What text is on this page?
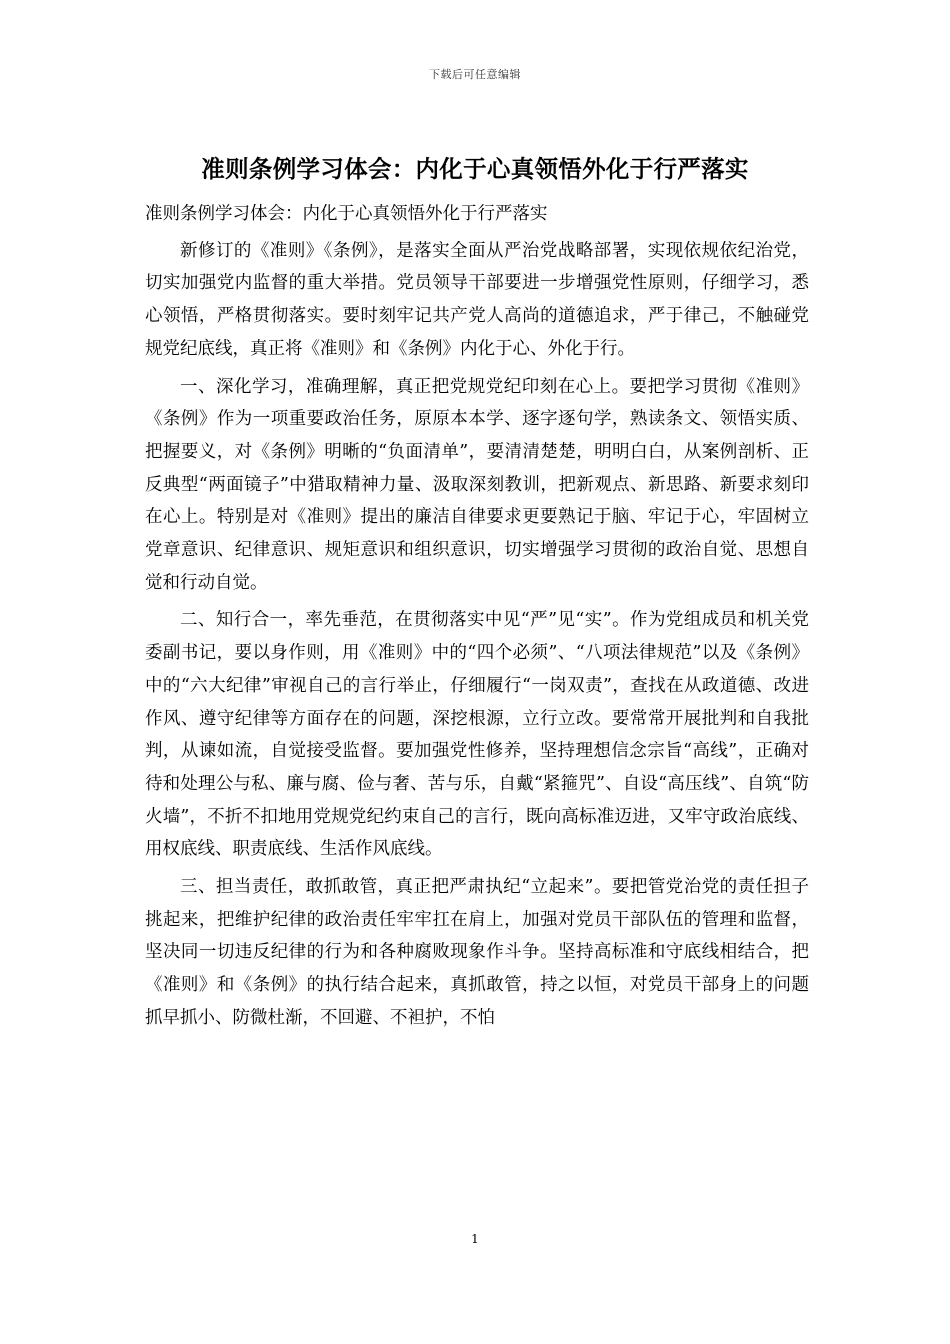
下载后可任意编辑
准则条例学习体会：内化于心真领悟外化于行严落实

准则条例学习体会：内化于心真领悟外化于行严落实

新修订的《准则》《条例》，是落实全面从严治党战略部署，实现依规依纪治党，切实加强党内监督的重大举措。党员领导干部要进一步增强党性原则，仔细学习，悉心领悟，严格贯彻落实。要时刻牢记共产党人高尚的道德追求，严于律己，不触碰党规党纪底线，真正将《准则》和《条例》内化于心、外化于行。

一、深化学习，准确理解，真正把党规党纪印刻在心上。要把学习贯彻《准则》《条例》作为一项重要政治任务，原原本本学、逐字逐句学，熟读条文、领悟实质、把握要义，对《条例》明晰的“负面清单”，要清清楚楚，明明白白，从案例剖析、正反典型“两面镜子”中猎取精神力量、汲取深刻教训，把新观点、新思路、新要求刻印在心上。特别是对《准则》提出的廉洁自律要求更要熟记于脑、牢记于心，牢固树立党章意识、纪律意识、规矩意识和组织意识，切实增强学习贯彻的政治自觉、思想自觉和行动自觉。

二、知行合一，率先垂范，在贯彻落实中见“严”见“实”。作为党组成员和机关党委副书记，要以身作则，用《准则》中的“四个必须”、“八项法律规范”以及《条例》中的“六大纪律”审视自己的言行举止，仔细履行“一岗双责”，查找在从政道德、改进作风、遵守纪律等方面存在的问题，深挖根源，立行立改。要常常开展批判和自我批判，从谏如流，自觉接受监督。要加强党性修养，坚持理想信念宗旨“高线”，正确对待和处理公与私、廉与腐、俭与奢、苦与乐，自戴“紧箍咒”、自设“高压线”、自筑“防火墙”，不折不扣地用党规党纪约束自己的言行，既向高标准迈进，又牢守政治底线、用权底线、职责底线、生活作风底线。

三、担当责任，敢抓敢管，真正把严肃执纪“立起来”。要把管党治党的责任担子挑起来，把维护纪律的政治责任牢牢扛在肩上，加强对党员干部队伍的管理和监督，坚决同一切违反纪律的行为和各种腐败现象作斗争。坚持高标准和守底线相结合，把《准则》和《条例》的执行结合起来，真抓敢管，持之以恒，对党员干部身上的问题抓早抓小、防微杜渐，不回避、不袒护，不怕

1
